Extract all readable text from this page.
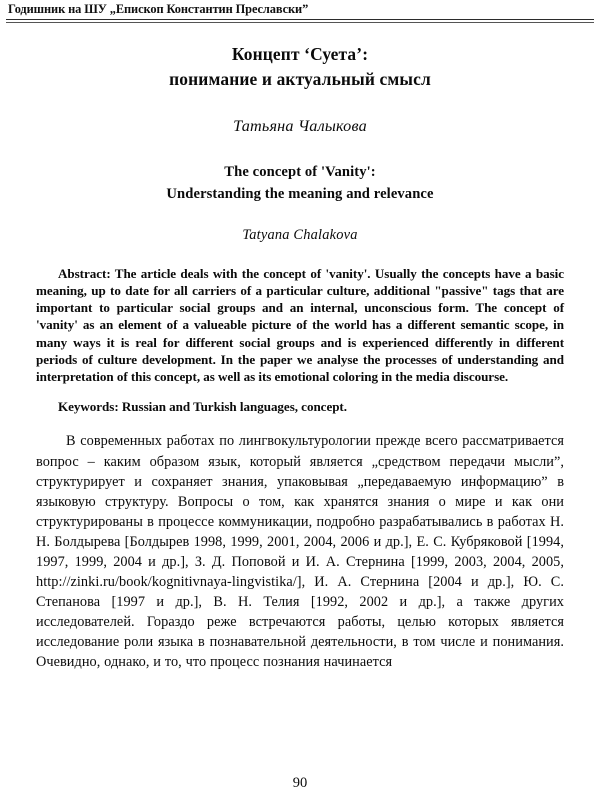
Годишник на ШУ „Епископ Константин Преславски”
Концепт ‘Суета’:
понимание и актуальный смысл
Татьяна Чалыкова
The concept of 'Vanity':
Understanding the meaning and relevance
Tatyana Chalakova

Abstract: The article deals with the concept of 'vanity'. Usually the concepts have a basic meaning, up to date for all carriers of a particular culture, additional "passive" tags that are important to particular social groups and an internal, unconscious form. The concept of 'vanity' as an element of a valueable picture of the world has a different semantic scope, in many ways it is real for different social groups and is experienced differently in different periods of culture development. In the paper we analyse the processes of understanding and interpretation of this concept, as well as its emotional coloring in the media discourse.

Keywords: Russian and Turkish languages, concept.

В современных работах по лингвокультурологии прежде всего рассматривается вопрос – каким образом язык, который является „средством передачи мысли”, структурирует и сохраняет знания, упаковывая „передаваемую информацию” в языковую структуру. Вопросы о том, как хранятся знания о мире и как они структурированы в процессе коммуникации, подробно разрабатывались в работах Н. Н. Болдырева [Болдырев 1998, 1999, 2001, 2004, 2006 и др.], Е. С. Кубряковой [1994, 1997, 1999, 2004 и др.], З. Д. Поповой и И. А. Стернина [1999, 2003, 2004, 2005, http://zinki.ru/book/kognitivnaya-lingvistika/], И. А. Стернина [2004 и др.], Ю. С. Степанова [1997 и др.], В. Н. Телия [1992, 2002 и др.], а также других исследователей. Гораздо реже встречаются работы, целью которых является исследование роли языка в познавательной деятельности, в том числе и понимания. Очевидно, однако, и то, что процесс познания начинается

90
